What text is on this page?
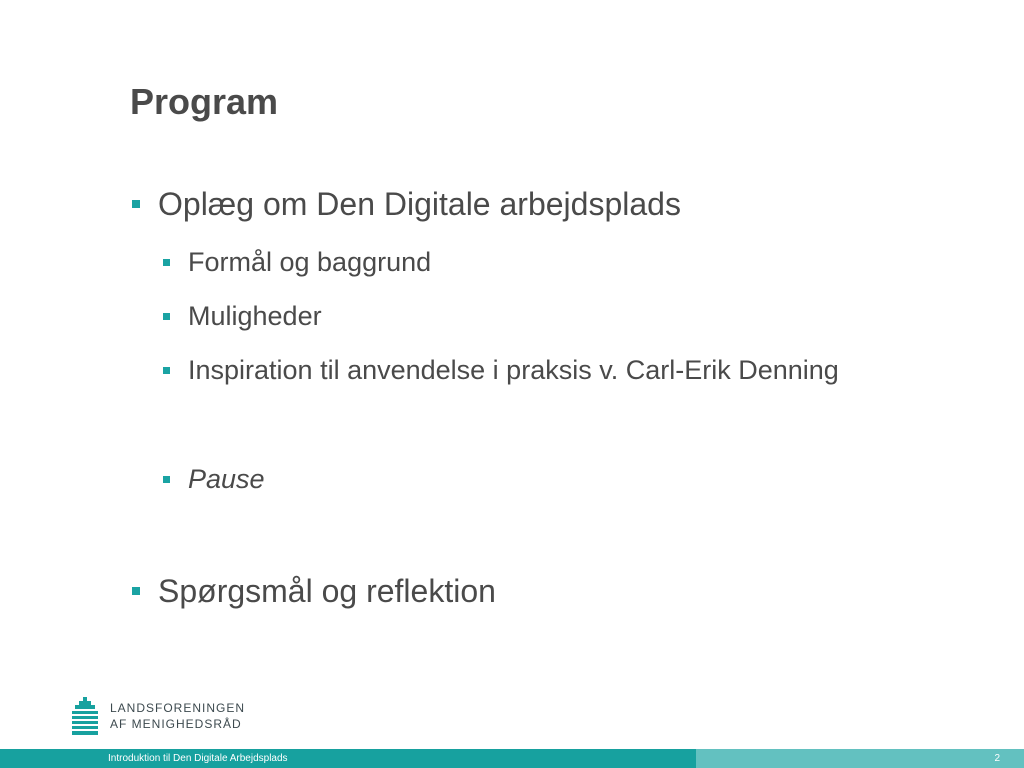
Program
Oplæg om Den Digitale arbejdsplads
Formål og baggrund
Muligheder
Inspiration til anvendelse i praksis v. Carl-Erik Denning
Pause
Spørgsmål og reflektion
LANDSFORENINGEN
AF MENIGHEDSRÅD
Introduktion til Den Digitale Arbejdsplads	2
